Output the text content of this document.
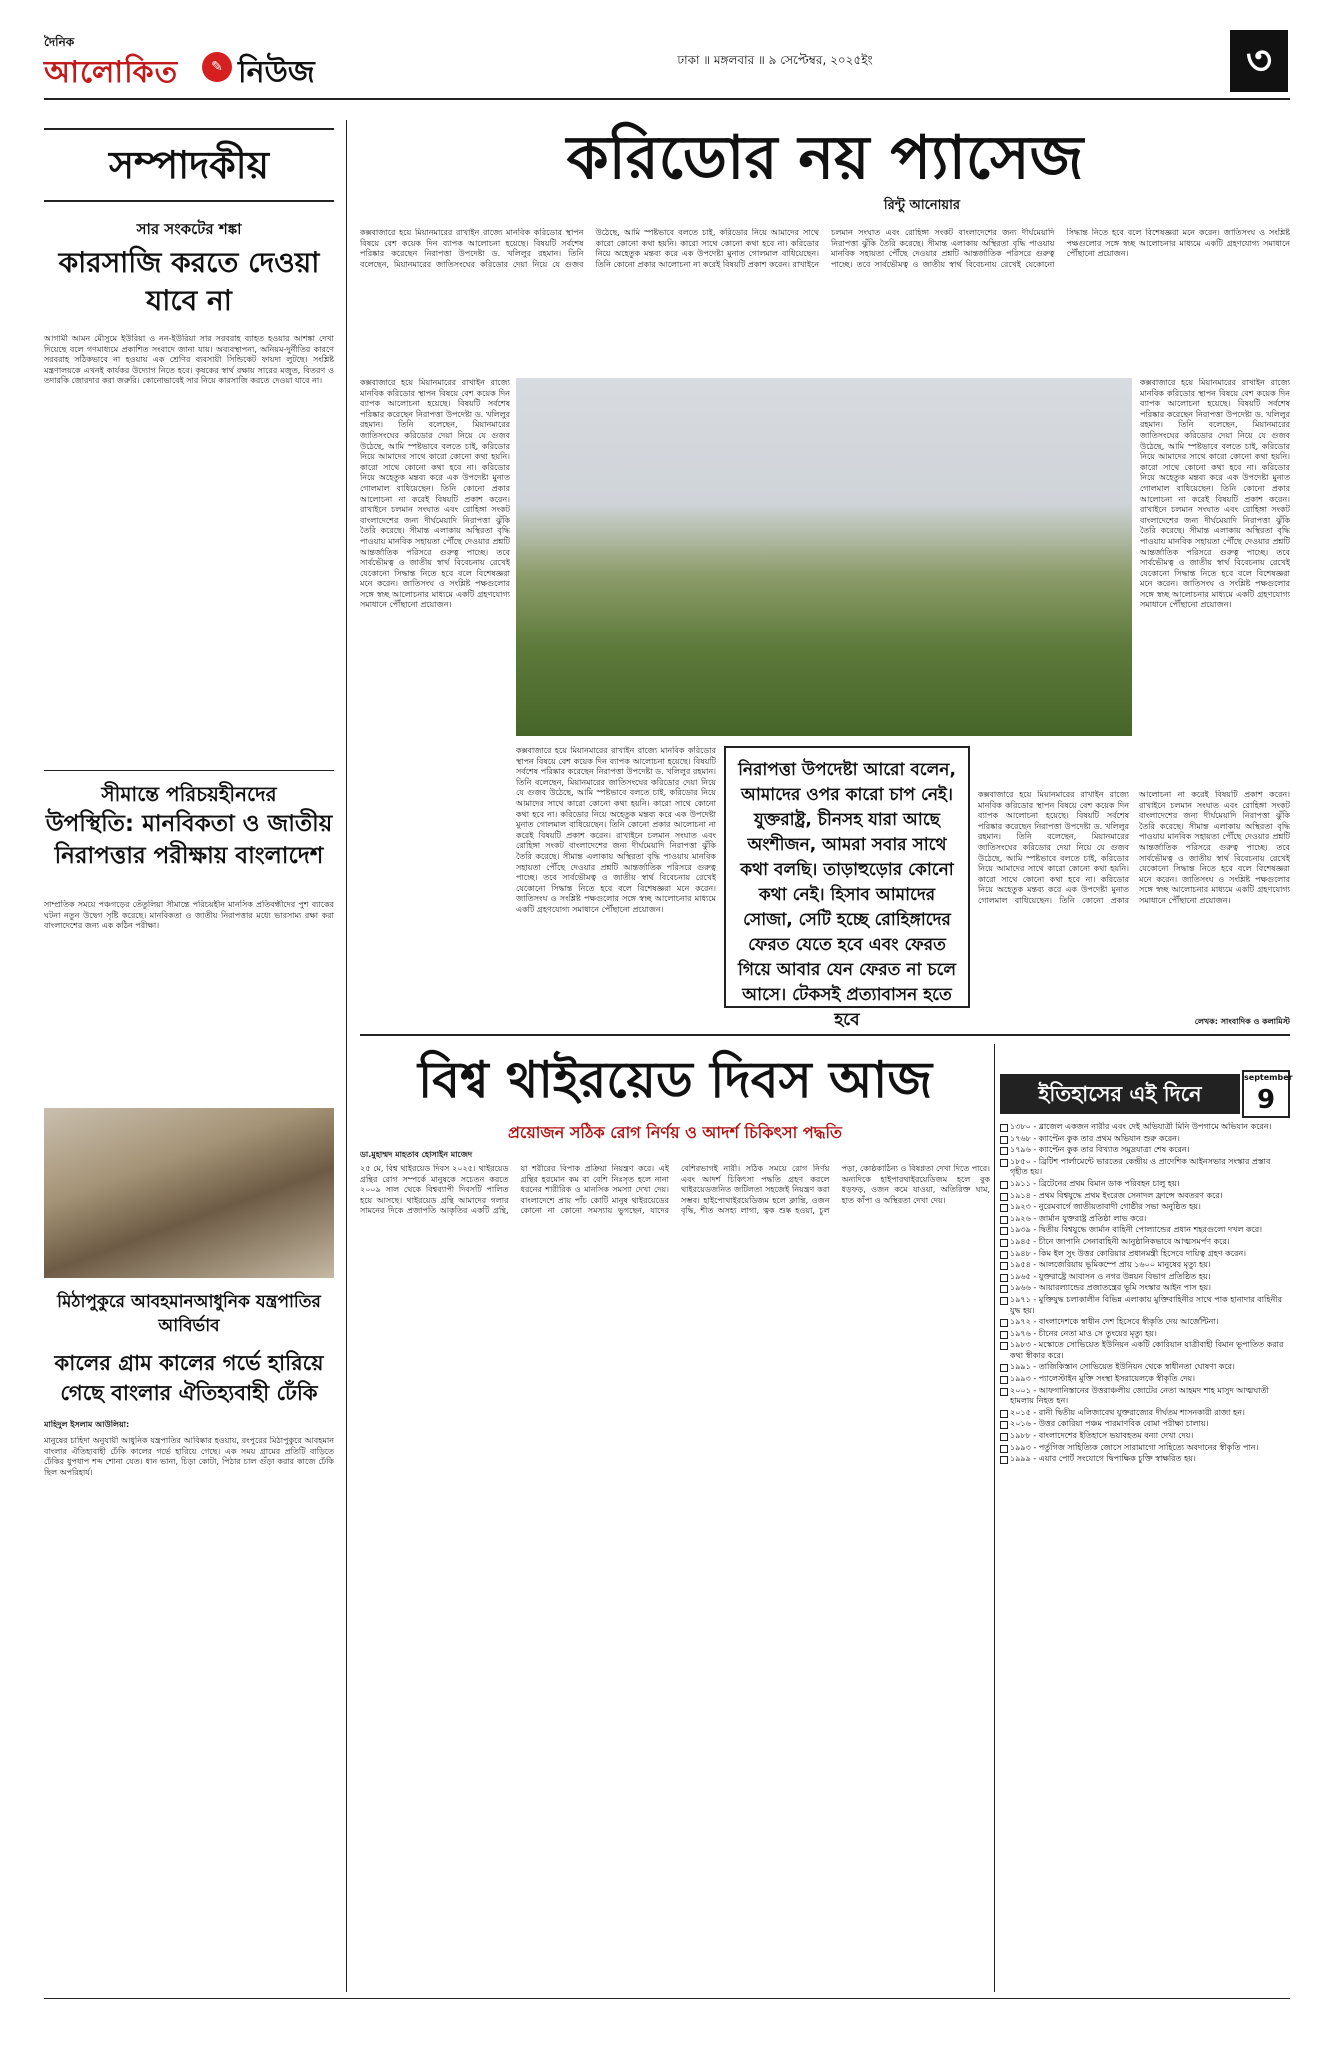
দৈনিক
আলোকিত	✎ নিউজ	ঢাকা ॥ মঙ্গলবার ॥ ৯ সেপ্টেম্বর, ২০২৫ইং	৩
সম্পাদকীয়
সার সংকটের শঙ্কা
কারসাজি করতে দেওয়া যাবে না
আগামী আমন মৌসুমে ইউরিয়া ও নন-ইউরিয়া সার সরবরাহ ব্যাহত হওয়ার আশঙ্কা দেখা দিয়েছে বলে গণমাধ্যমে প্রকাশিত সংবাদে জানা যায়। অব্যবস্থাপনা, অনিয়ম-দুর্নীতির কারণে সরবরাহ সঠিকভাবে না হওয়ায় এক শ্রেণির ব্যবসায়ী সিন্ডিকেট ফায়দা লুটছে। সংশ্লিষ্ট মন্ত্রণালয়কে এখনই কার্যকর উদ্যোগ নিতে হবে। কৃষকের স্বার্থ রক্ষায় সারের মজুত, বিতরণ ও তদারকি জোরদার করা জরুরি। কোনোভাবেই সার নিয়ে কারসাজি করতে দেওয়া যাবে না।
সীমান্তে পরিচয়হীনদের
উপস্থিতি: মানবিকতা ও জাতীয় নিরাপত্তার পরীক্ষায় বাংলাদেশ
সাম্প্রতিক সময়ে পঞ্চগড়ের তেঁতুলিয়া সীমান্তে পরিচয়হীন মানসিক প্রতিবন্ধীদের পুশ ব্যাকের ঘটনা নতুন উদ্বেগ সৃষ্টি করেছে। মানবিকতা ও জাতীয় নিরাপত্তার মধ্যে ভারসাম্য রক্ষা করা বাংলাদেশের জন্য এক কঠিন পরীক্ষা।
মিঠাপুকুরে আবহমানআধুনিক যন্ত্রপাতির আবির্ভাব
কালের গ্রাম কালের গর্ভে হারিয়ে গেছে বাংলার ঐতিহ্যবাহী ঢেঁকি
মাহিদুল ইসলাম আউলিয়া:
মানুষের চাহিদা অনুযায়ী আধুনিক যন্ত্রপাতির আবিষ্কার হওয়ায়, রংপুরের মিঠাপুকুরে আবহমান বাংলার ঐতিহ্যবাহী ঢেঁকি কালের গর্ভে হারিয়ে গেছে। এক সময় গ্রামের প্রতিটি বাড়িতে ঢেঁকির ধুপধাপ শব্দ শোনা যেত। ধান ভানা, চিড়া কোটা, পিঠার চাল গুঁড়া করার কাজে ঢেঁকি ছিল অপরিহার্য।
করিডোর নয় প্যাসেজ
রিন্টু আনোয়ার
কক্সবাজারে হয়ে মিয়ানমারের রাখাইন রাজ্যে মানবিক করিডোর স্থাপন বিষয়ে বেশ কয়েক দিন ব্যাপক আলোচনা হয়েছে। বিষয়টি সর্বশেষ পরিষ্কার করেছেন নিরাপত্তা উপদেষ্টা ড. খলিলুর রহমান। তিনি বলেছেন, মিয়ানমারের জাতিসংঘের করিডোর দেয়া নিয়ে যে গুজব উঠেছে, আমি স্পষ্টভাবে বলতে চাই, করিডোর নিয়ে আমাদের সাথে কারো কোনো কথা হয়নি। কারো সাথে কোনো কথা হবে না। করিডোর নিয়ে অহেতুক মন্তব্য করে এক উপদেষ্টা মুনাত গোলমাল বাধিয়েছেন। তিনি কোনো প্রকার আলোচনা না করেই বিষয়টি প্রকাশ করেন। রাখাইনে চলমান সংঘাত এবং রোহিঙ্গা সংকট বাংলাদেশের জন্য দীর্ঘমেয়াদি নিরাপত্তা ঝুঁকি তৈরি করেছে। সীমান্ত এলাকায় অস্থিরতা বৃদ্ধি পাওয়ায় মানবিক সহায়তা পৌঁছে দেওয়ার প্রশ্নটি আন্তর্জাতিক পরিসরে গুরুত্ব পাচ্ছে। তবে সার্বভৌমত্ব ও জাতীয় স্বার্থ বিবেচনায় রেখেই যেকোনো সিদ্ধান্ত নিতে হবে বলে বিশেষজ্ঞরা মনে করেন। জাতিসংঘ ও সংশ্লিষ্ট পক্ষগুলোর সঙ্গে স্বচ্ছ আলোচনার মাধ্যমে একটি গ্রহণযোগ্য সমাধানে পৌঁছানো প্রয়োজন।
কক্সবাজারে হয়ে মিয়ানমারের রাখাইন রাজ্যে মানবিক করিডোর স্থাপন বিষয়ে বেশ কয়েক দিন ব্যাপক আলোচনা হয়েছে। বিষয়টি সর্বশেষ পরিষ্কার করেছেন নিরাপত্তা উপদেষ্টা ড. খলিলুর রহমান। তিনি বলেছেন, মিয়ানমারের জাতিসংঘের করিডোর দেয়া নিয়ে যে গুজব উঠেছে, আমি স্পষ্টভাবে বলতে চাই, করিডোর নিয়ে আমাদের সাথে কারো কোনো কথা হয়নি। কারো সাথে কোনো কথা হবে না। করিডোর নিয়ে অহেতুক মন্তব্য করে এক উপদেষ্টা মুনাত গোলমাল বাধিয়েছেন। তিনি কোনো প্রকার আলোচনা না করেই বিষয়টি প্রকাশ করেন। রাখাইনে চলমান সংঘাত এবং রোহিঙ্গা সংকট বাংলাদেশের জন্য দীর্ঘমেয়াদি নিরাপত্তা ঝুঁকি তৈরি করেছে। সীমান্ত এলাকায় অস্থিরতা বৃদ্ধি পাওয়ায় মানবিক সহায়তা পৌঁছে দেওয়ার প্রশ্নটি আন্তর্জাতিক পরিসরে গুরুত্ব পাচ্ছে। তবে সার্বভৌমত্ব ও জাতীয় স্বার্থ বিবেচনায় রেখেই যেকোনো সিদ্ধান্ত নিতে হবে বলে বিশেষজ্ঞরা মনে করেন। জাতিসংঘ ও সংশ্লিষ্ট পক্ষগুলোর সঙ্গে স্বচ্ছ আলোচনার মাধ্যমে একটি গ্রহণযোগ্য সমাধানে পৌঁছানো প্রয়োজন।
কক্সবাজারে হয়ে মিয়ানমারের রাখাইন রাজ্যে মানবিক করিডোর স্থাপন বিষয়ে বেশ কয়েক দিন ব্যাপক আলোচনা হয়েছে। বিষয়টি সর্বশেষ পরিষ্কার করেছেন নিরাপত্তা উপদেষ্টা ড. খলিলুর রহমান। তিনি বলেছেন, মিয়ানমারের জাতিসংঘের করিডোর দেয়া নিয়ে যে গুজব উঠেছে, আমি স্পষ্টভাবে বলতে চাই, করিডোর নিয়ে আমাদের সাথে কারো কোনো কথা হয়নি। কারো সাথে কোনো কথা হবে না। করিডোর নিয়ে অহেতুক মন্তব্য করে এক উপদেষ্টা মুনাত গোলমাল বাধিয়েছেন। তিনি কোনো প্রকার আলোচনা না করেই বিষয়টি প্রকাশ করেন। রাখাইনে চলমান সংঘাত এবং রোহিঙ্গা সংকট বাংলাদেশের জন্য দীর্ঘমেয়াদি নিরাপত্তা ঝুঁকি তৈরি করেছে। সীমান্ত এলাকায় অস্থিরতা বৃদ্ধি পাওয়ায় মানবিক সহায়তা পৌঁছে দেওয়ার প্রশ্নটি আন্তর্জাতিক পরিসরে গুরুত্ব পাচ্ছে। তবে সার্বভৌমত্ব ও জাতীয় স্বার্থ বিবেচনায় রেখেই যেকোনো সিদ্ধান্ত নিতে হবে বলে বিশেষজ্ঞরা মনে করেন। জাতিসংঘ ও সংশ্লিষ্ট পক্ষগুলোর সঙ্গে স্বচ্ছ আলোচনার মাধ্যমে একটি গ্রহণযোগ্য সমাধানে পৌঁছানো প্রয়োজন।
কক্সবাজারে হয়ে মিয়ানমারের রাখাইন রাজ্যে মানবিক করিডোর স্থাপন বিষয়ে বেশ কয়েক দিন ব্যাপক আলোচনা হয়েছে। বিষয়টি সর্বশেষ পরিষ্কার করেছেন নিরাপত্তা উপদেষ্টা ড. খলিলুর রহমান। তিনি বলেছেন, মিয়ানমারের জাতিসংঘের করিডোর দেয়া নিয়ে যে গুজব উঠেছে, আমি স্পষ্টভাবে বলতে চাই, করিডোর নিয়ে আমাদের সাথে কারো কোনো কথা হয়নি। কারো সাথে কোনো কথা হবে না। করিডোর নিয়ে অহেতুক মন্তব্য করে এক উপদেষ্টা মুনাত গোলমাল বাধিয়েছেন। তিনি কোনো প্রকার আলোচনা না করেই বিষয়টি প্রকাশ করেন। রাখাইনে চলমান সংঘাত এবং রোহিঙ্গা সংকট বাংলাদেশের জন্য দীর্ঘমেয়াদি নিরাপত্তা ঝুঁকি তৈরি করেছে। সীমান্ত এলাকায় অস্থিরতা বৃদ্ধি পাওয়ায় মানবিক সহায়তা পৌঁছে দেওয়ার প্রশ্নটি আন্তর্জাতিক পরিসরে গুরুত্ব পাচ্ছে। তবে সার্বভৌমত্ব ও জাতীয় স্বার্থ বিবেচনায় রেখেই যেকোনো সিদ্ধান্ত নিতে হবে বলে বিশেষজ্ঞরা মনে করেন। জাতিসংঘ ও সংশ্লিষ্ট পক্ষগুলোর সঙ্গে স্বচ্ছ আলোচনার মাধ্যমে একটি গ্রহণযোগ্য সমাধানে পৌঁছানো প্রয়োজন।
নিরাপত্তা উপদেষ্টা আরো বলেন, আমাদের ওপর কারো চাপ নেই। যুক্তরাষ্ট্র, চীনসহ যারা আছে অংশীজন, আমরা সবার সাথে কথা বলছি। তাড়াহুড়োর কোনো কথা নেই। হিসাব আমাদের সোজা, সেটি হচ্ছে রোহিঙ্গাদের ফেরত যেতে হবে এবং ফেরত গিয়ে আবার যেন ফেরত না চলে আসে। টেকসই প্রত্যাবাসন হতে হবে
কক্সবাজারে হয়ে মিয়ানমারের রাখাইন রাজ্যে মানবিক করিডোর স্থাপন বিষয়ে বেশ কয়েক দিন ব্যাপক আলোচনা হয়েছে। বিষয়টি সর্বশেষ পরিষ্কার করেছেন নিরাপত্তা উপদেষ্টা ড. খলিলুর রহমান। তিনি বলেছেন, মিয়ানমারের জাতিসংঘের করিডোর দেয়া নিয়ে যে গুজব উঠেছে, আমি স্পষ্টভাবে বলতে চাই, করিডোর নিয়ে আমাদের সাথে কারো কোনো কথা হয়নি। কারো সাথে কোনো কথা হবে না। করিডোর নিয়ে অহেতুক মন্তব্য করে এক উপদেষ্টা মুনাত গোলমাল বাধিয়েছেন। তিনি কোনো প্রকার আলোচনা না করেই বিষয়টি প্রকাশ করেন। রাখাইনে চলমান সংঘাত এবং রোহিঙ্গা সংকট বাংলাদেশের জন্য দীর্ঘমেয়াদি নিরাপত্তা ঝুঁকি তৈরি করেছে। সীমান্ত এলাকায় অস্থিরতা বৃদ্ধি পাওয়ায় মানবিক সহায়তা পৌঁছে দেওয়ার প্রশ্নটি আন্তর্জাতিক পরিসরে গুরুত্ব পাচ্ছে। তবে সার্বভৌমত্ব ও জাতীয় স্বার্থ বিবেচনায় রেখেই যেকোনো সিদ্ধান্ত নিতে হবে বলে বিশেষজ্ঞরা মনে করেন। জাতিসংঘ ও সংশ্লিষ্ট পক্ষগুলোর সঙ্গে স্বচ্ছ আলোচনার মাধ্যমে একটি গ্রহণযোগ্য সমাধানে পৌঁছানো প্রয়োজন।
লেখক: সাংবাদিক ও কলামিস্ট
বিশ্ব থাইরয়েড দিবস আজ
প্রয়োজন সঠিক রোগ নির্ণয় ও আদর্শ চিকিৎসা পদ্ধতি
ডা.মুহাম্মদ মাহতাব হোসাইন মাজেদ
২৫ মে, বিশ্ব থাইরয়েড দিবস ২০২৫। থাইরয়েড গ্রন্থির রোগ সম্পর্কে মানুষকে সচেতন করতে ২০০৯ সাল থেকে বিশ্বব্যাপী দিবসটি পালিত হয়ে আসছে। থাইরয়েড গ্রন্থি আমাদের গলার সামনের দিকে প্রজাপতি আকৃতির একটি গ্রন্থি, যা শরীরের বিপাক প্রক্রিয়া নিয়ন্ত্রণ করে। এই গ্রন্থির হরমোন কম বা বেশি নিঃসৃত হলে নানা ধরনের শারীরিক ও মানসিক সমস্যা দেখা দেয়। বাংলাদেশে প্রায় পাঁচ কোটি মানুষ থাইরয়েডের কোনো না কোনো সমস্যায় ভুগছেন, যাদের বেশিরভাগই নারী। সঠিক সময়ে রোগ নির্ণয় এবং আদর্শ চিকিৎসা পদ্ধতি গ্রহণ করলে থাইরয়েডজনিত জটিলতা সহজেই নিয়ন্ত্রণ করা সম্ভব। হাইপোথাইরয়েডিজম হলে ক্লান্তি, ওজন বৃদ্ধি, শীত অসহ্য লাগা, ত্বক শুষ্ক হওয়া, চুল পড়া, কোষ্ঠকাঠিন্য ও বিষণ্ণতা দেখা দিতে পারে। অন্যদিকে হাইপারথাইরয়েডিজম হলে বুক ধড়ফড়, ওজন কমে যাওয়া, অতিরিক্ত ঘাম, হাত কাঁপা ও অস্থিরতা দেখা দেয়।
ইতিহাসের এই দিনে
september
9
১৩৮০ - ব্লাজেল একজন নারীর এবং দেই অভিযাত্রী মিনি উপগামে অভিযান করেন।
১৭৬৮ - ক্যাপ্টেন কুক তার প্রথম অভিযান শুরু করেন।
১৭৯৬ - ক্যাপ্টেন কুক তার বিখ্যাত সমুদ্রযাত্রা শেষ করেন।
১৮৫০ - ব্রিটিশ পার্লামেন্টে ভারতের কেন্দ্রীয় ও প্রাদেশিক আইনসভার সংস্কার প্রস্তাব গৃহীত হয়।
১৯১১ - ব্রিটেনের প্রথম বিমান ডাক পরিবহন চালু হয়।
১৯১৪ - প্রথম বিশ্বযুদ্ধে প্রথম ইংরেজ সেনাদল ফ্রান্সে অবতরণ করে।
১৯২৩ - নুরেমবার্গে জাতীয়তাবাদী গোষ্ঠীর সভা অনুষ্ঠিত হয়।
১৯২৬ - জার্মান যুক্তরাষ্ট্র প্রতিষ্ঠা লাভ করে।
১৯৩৯ - দ্বিতীয় বিশ্বযুদ্ধে জার্মান বাহিনী পোল্যান্ডের প্রধান শহরগুলো দখল করে।
১৯৪৫ - চীনে জাপানি সেনাবাহিনী আনুষ্ঠানিকভাবে আত্মসমর্পণ করে।
১৯৪৮ - কিম ইল সুং উত্তর কোরিয়ার প্রধানমন্ত্রী হিসেবে দায়িত্ব গ্রহণ করেন।
১৯৫৪ - আলজেরিয়ায় ভূমিকম্পে প্রায় ১৬০০ মানুষের মৃত্যু হয়।
১৯৬৫ - যুক্তরাষ্ট্রে আবাসন ও নগর উন্নয়ন বিভাগ প্রতিষ্ঠিত হয়।
১৯৬৬ - আয়ারল্যান্ডের প্রজাতন্ত্রের ভূমি সংস্কার আইন পাস হয়।
১৯৭১ - মুক্তিযুদ্ধ চলাকালীন বিভিন্ন এলাকায় মুক্তিবাহিনীর সাথে পাক হানাদার বাহিনীর যুদ্ধ হয়।
১৯৭২ - বাংলাদেশকে স্বাধীন দেশ হিসেবে স্বীকৃতি দেয় আর্জেন্টিনা।
১৯৭৬ - চীনের নেতা মাও সে তুংয়ের মৃত্যু হয়।
১৯৮৩ - মস্কোতে সোভিয়েত ইউনিয়ন একটি কোরিয়ান যাত্রীবাহী বিমান ভূপাতিত করার কথা স্বীকার করে।
১৯৯১ - তাজিকিস্তান সোভিয়েত ইউনিয়ন থেকে স্বাধীনতা ঘোষণা করে।
১৯৯৩ - প্যালেস্টাইন মুক্তি সংস্থা ইসরায়েলকে স্বীকৃতি দেয়।
২০০১ - আফগানিস্তানের উত্তরাঞ্চলীয় জোটের নেতা আহমদ শাহ মাসুদ আত্মঘাতী হামলায় নিহত হন।
২০১৫ - রানী দ্বিতীয় এলিজাবেথ যুক্তরাজ্যের দীর্ঘতম শাসনকারী রাজা হন।
২০১৬ - উত্তর কোরিয়া পঞ্চম পারমাণবিক বোমা পরীক্ষা চালায়।
১৯৮৮ - বাংলাদেশের ইতিহাসে ভয়াবহতম বন্যা দেখা দেয়।
১৯৯৩ - পর্তুগিজ সাহিত্যিক জোসে সারামাগো সাহিত্যে অবদানের স্বীকৃতি পান।
১৯৯৯ - এয়ার পোর্ট সংযোগে দ্বিপাক্ষিক চুক্তি স্বাক্ষরিত হয়।
